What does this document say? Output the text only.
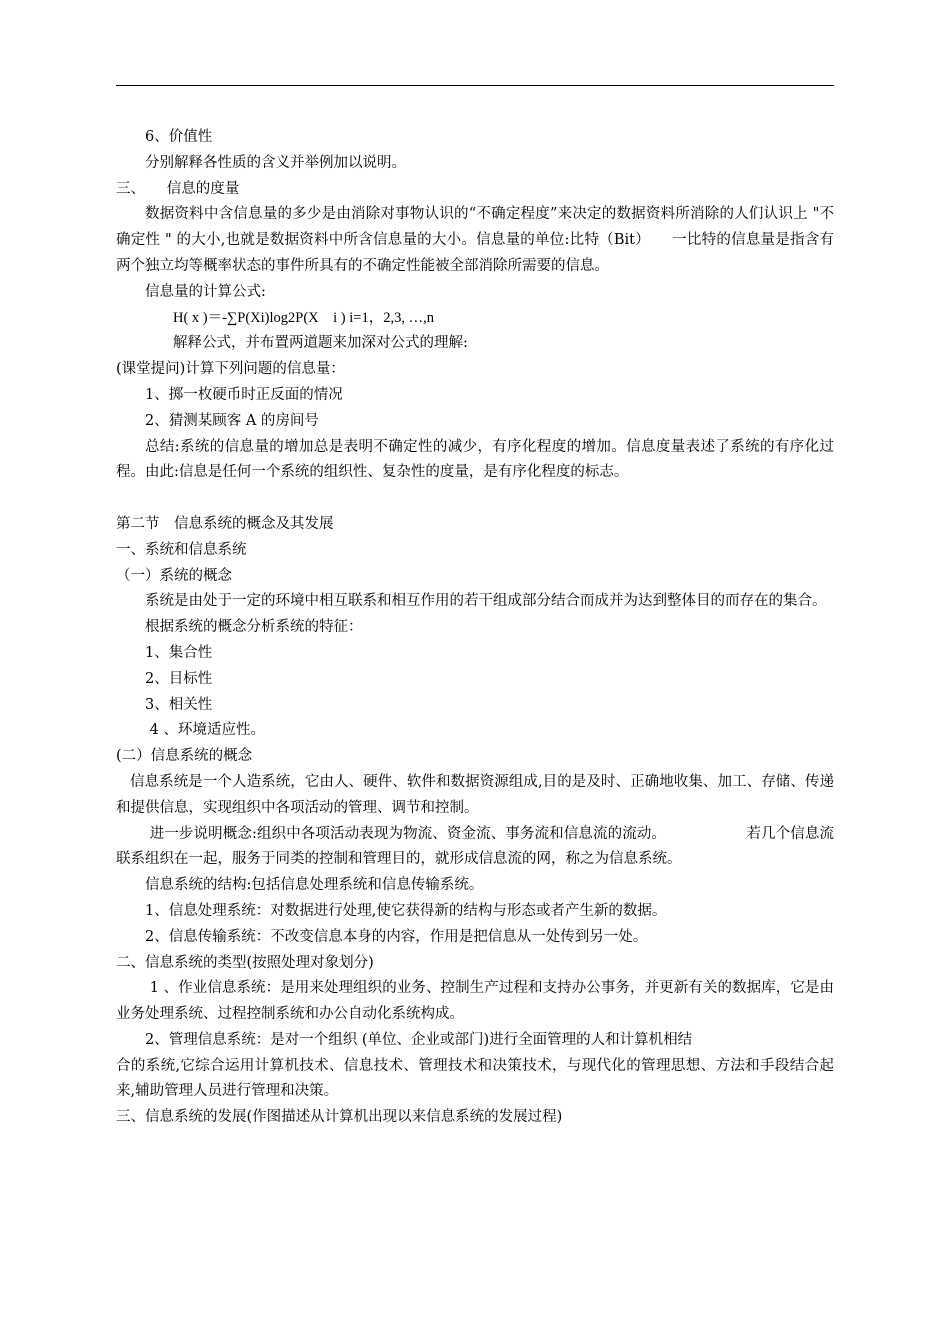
6、价值性

分别解释各性质的含义并举例加以说明。

三、　　信息的度量

数据资料中含信息量的多少是由消除对事物认识的“不确定程度”来决定的数据资料所消除的人们认识上 "不确定性 " 的大小,也就是数据资料中所含信息量的大小。信息量的单位:比特（Bit）　　一比特的信息量是指含有两个独立均等概率状态的事件所具有的不确定性能被全部消除所需要的信息。

信息量的计算公式:

H( x )＝-∑P(Xi)log2P(X　i ) i=1，2,3, …,n

解释公式，并布置两道题来加深对公式的理解:

(课堂提问)计算下列问题的信息量：

1、掷一枚硬币时正反面的情况

2、猜测某顾客 A 的房间号

总结:系统的信息量的增加总是表明不确定性的减少，有序化程度的增加。信息度量表述了系统的有序化过程。由此:信息是任何一个系统的组织性、复杂性的度量，是有序化程度的标志。

第二节　信息系统的概念及其发展

一、系统和信息系统

（一）系统的概念

系统是由处于一定的环境中相互联系和相互作用的若干组成部分结合而成并为达到整体目的而存在的集合。

根据系统的概念分析系统的特征：

1、集合性

2、目标性

3、相关性

4 、环境适应性。

(二）信息系统的概念

信息系统是一个人造系统，它由人、硬件、软件和数据资源组成,目的是及时、正确地收集、加工、存储、传递和提供信息，实现组织中各项活动的管理、调节和控制。

进一步说明概念:组织中各项活动表现为物流、资金流、事务流和信息流的流动。　　　　　　若几个信息流联系组织在一起，服务于同类的控制和管理目的，就形成信息流的网，称之为信息系统。

信息系统的结构:包括信息处理系统和信息传输系统。

1、信息处理系统：对数据进行处理,使它获得新的结构与形态或者产生新的数据。

2、信息传输系统：不改变信息本身的内容，作用是把信息从一处传到另一处。

二、信息系统的类型(按照处理对象划分)

1 、作业信息系统：是用来处理组织的业务、控制生产过程和支持办公事务，并更新有关的数据库，它是由业务处理系统、过程控制系统和办公自动化系统构成。

2、管理信息系统：是对一个组织 (单位、企业或部门)进行全面管理的人和计算机相结

合的系统,它综合运用计算机技术、信息技术、管理技术和决策技术，与现代化的管理思想、方法和手段结合起来,辅助管理人员进行管理和决策。

三、信息系统的发展(作图描述从计算机出现以来信息系统的发展过程)
